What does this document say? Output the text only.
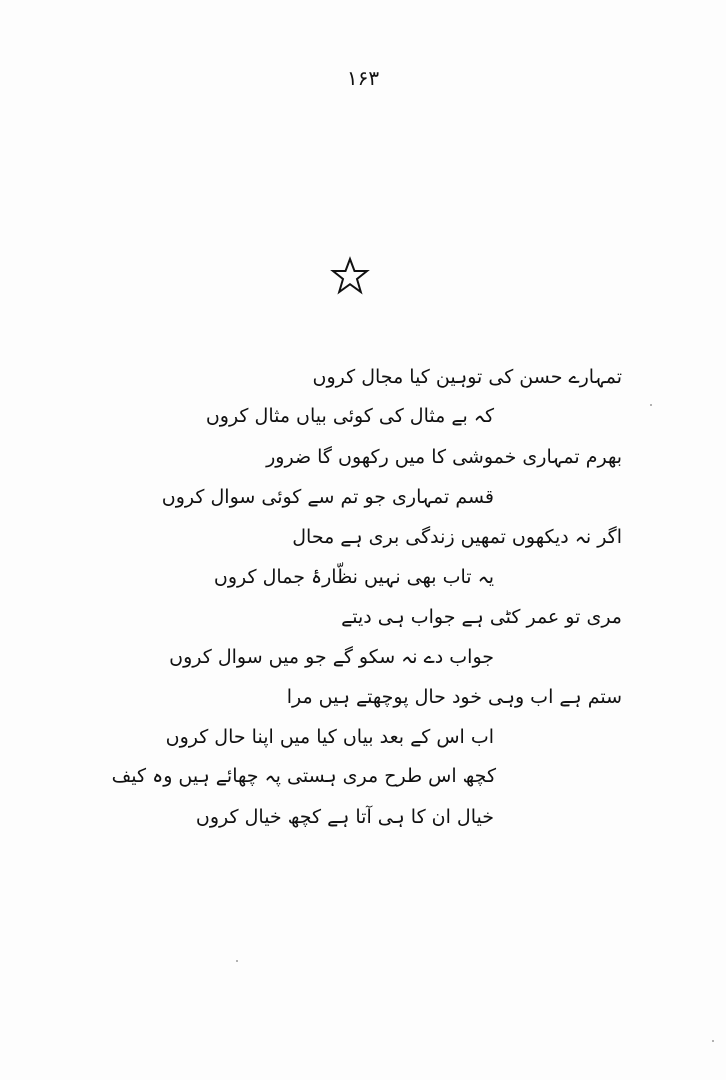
۱۶۳
تمہارے حسن کی توہین کیا مجال کروں
کہ بے مثال کی کوئی بیاں مثال کروں
بھرم تمہاری خموشی کا میں رکھوں گا ضرور
قسم تمہاری جو تم سے کوئی سوال کروں
اگر نہ دیکھوں تمھیں زندگی بری ہے محال
یہ تاب بھی نہیں نظّارۂ جمال کروں
مری تو عمر کٹی ہے جواب ہی دیتے
جواب دے نہ سکو گے جو میں سوال کروں
ستم ہے اب وہی خود حال پوچھتے ہیں مرا
اب اس کے بعد بیاں کیا میں اپنا حال کروں
کچھ اس طرح مری ہستی پہ چھائے ہیں وہ کیف
خیال ان کا ہی آتا ہے کچھ خیال کروں
